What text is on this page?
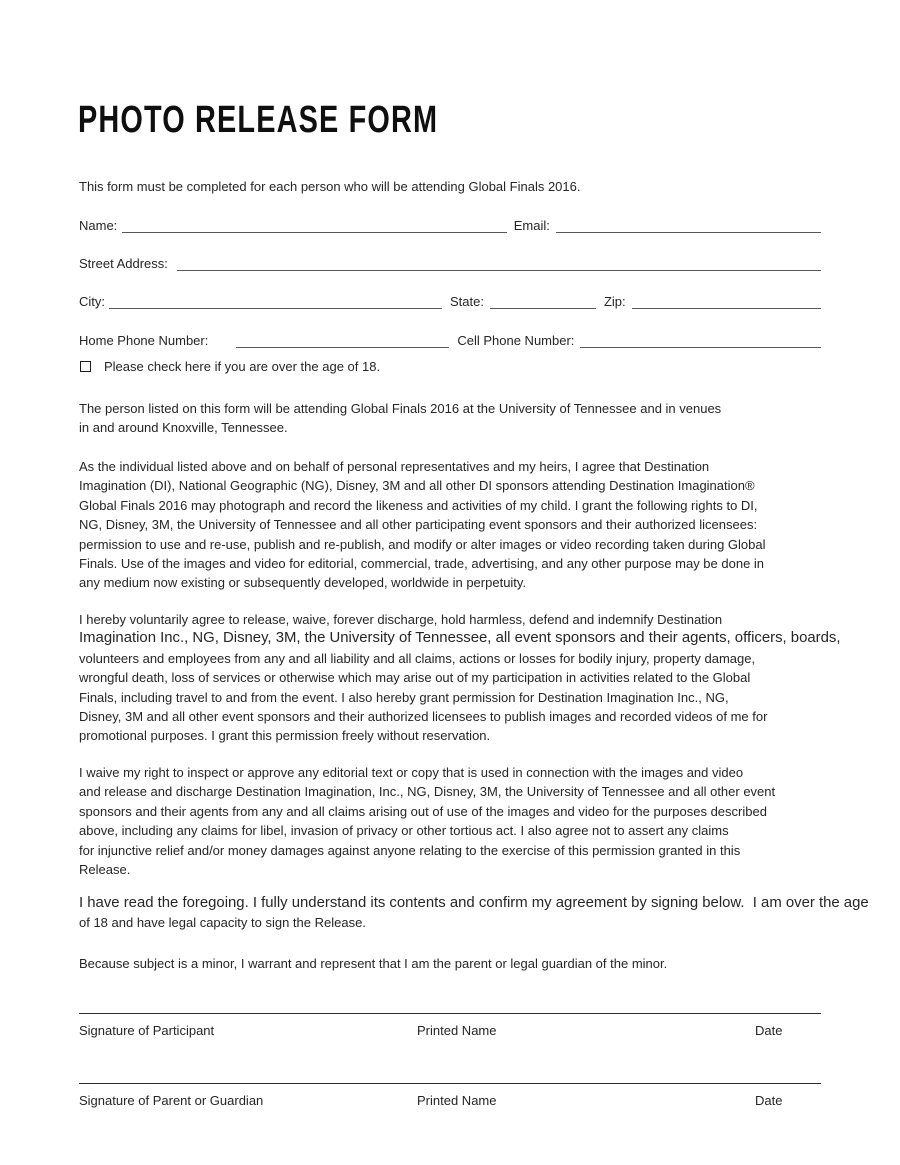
PHOTO RELEASE FORM
This form must be completed for each person who will be attending Global Finals 2016.
Name:	Email:
Street Address:
City:	State:	Zip:
Home Phone Number:	Cell Phone Number:
Please check here if you are over the age of 18.
The person listed on this form will be attending Global Finals 2016 at the University of Tennessee and in venues
in and around Knoxville, Tennessee.
As the individual listed above and on behalf of personal representatives and my heirs, I agree that Destination
Imagination (DI), National Geographic (NG), Disney, 3M and all other DI sponsors attending Destination Imagination®
Global Finals 2016 may photograph and record the likeness and activities of my child. I grant the following rights to DI,
NG, Disney, 3M, the University of Tennessee and all other participating event sponsors and their authorized licensees:
permission to use and re-use, publish and re-publish, and modify or alter images or video recording taken during Global
Finals. Use of the images and video for editorial, commercial, trade, advertising, and any other purpose may be done in
any medium now existing or subsequently developed, worldwide in perpetuity.
I hereby voluntarily agree to release, waive, forever discharge, hold harmless, defend and indemnify Destination
Imagination Inc., NG, Disney, 3M, the University of Tennessee, all event sponsors and their agents, officers, boards,
volunteers and employees from any and all liability and all claims, actions or losses for bodily injury, property damage,
wrongful death, loss of services or otherwise which may arise out of my participation in activities related to the Global
Finals, including travel to and from the event. I also hereby grant permission for Destination Imagination Inc., NG,
Disney, 3M and all other event sponsors and their authorized licensees to publish images and recorded videos of me for
promotional purposes. I grant this permission freely without reservation.
I waive my right to inspect or approve any editorial text or copy that is used in connection with the images and video
and release and discharge Destination Imagination, Inc., NG, Disney, 3M, the University of Tennessee and all other event
sponsors and their agents from any and all claims arising out of use of the images and video for the purposes described
above, including any claims for libel, invasion of privacy or other tortious act. I also agree not to assert any claims
for injunctive relief and/or money damages against anyone relating to the exercise of this permission granted in this
Release.
I have read the foregoing. I fully understand its contents and confirm my agreement by signing below.  I am over the age
of 18 and have legal capacity to sign the Release.
Because subject is a minor, I warrant and represent that I am the parent or legal guardian of the minor.
Signature of Participant	Printed Name	Date
Signature of Parent or Guardian	Printed Name	Date
